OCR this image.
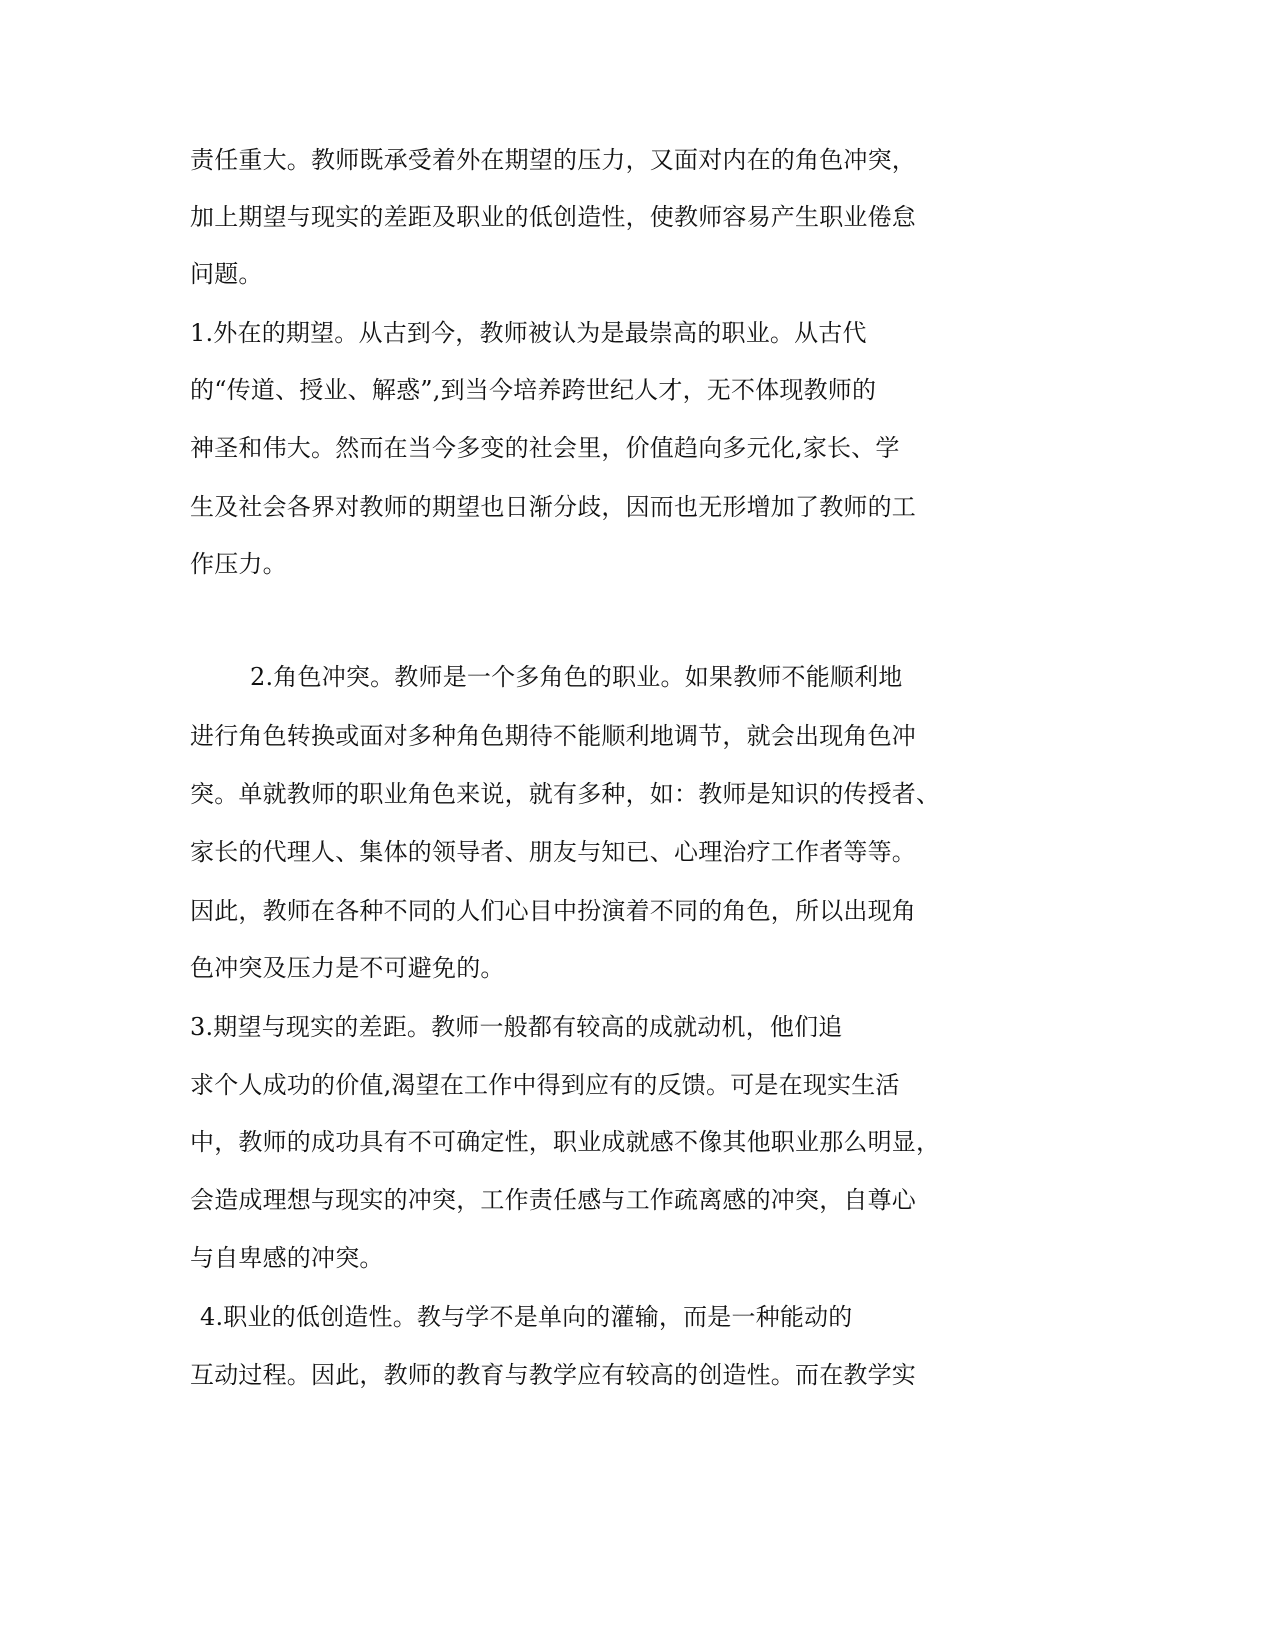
责任重大。教师既承受着外在期望的压力，又面对内在的角色冲突，
加上期望与现实的差距及职业的低创造性，使教师容易产生职业倦怠
问题。
1.外在的期望。从古到今，教师被认为是最崇高的职业。从古代
的“传道、授业、解惑”,到当今培养跨世纪人才，无不体现教师的
神圣和伟大。然而在当今多变的社会里，价值趋向多元化,家长、学
生及社会各界对教师的期望也日渐分歧，因而也无形增加了教师的工
作压力。
2.角色冲突。教师是一个多角色的职业。如果教师不能顺利地
进行角色转换或面对多种角色期待不能顺利地调节，就会出现角色冲
突。单就教师的职业角色来说，就有多种，如：教师是知识的传授者、
家长的代理人、集体的领导者、朋友与知已、心理治疗工作者等等。
因此，教师在各种不同的人们心目中扮演着不同的角色，所以出现角
色冲突及压力是不可避免的。
3.期望与现实的差距。教师一般都有较高的成就动机，他们追
求个人成功的价值,渴望在工作中得到应有的反馈。可是在现实生活
中，教师的成功具有不可确定性，职业成就感不像其他职业那么明显，
会造成理想与现实的冲突，工作责任感与工作疏离感的冲突，自尊心
与自卑感的冲突。
4.职业的低创造性。教与学不是单向的灌输，而是一种能动的
互动过程。因此，教师的教育与教学应有较高的创造性。而在教学实
